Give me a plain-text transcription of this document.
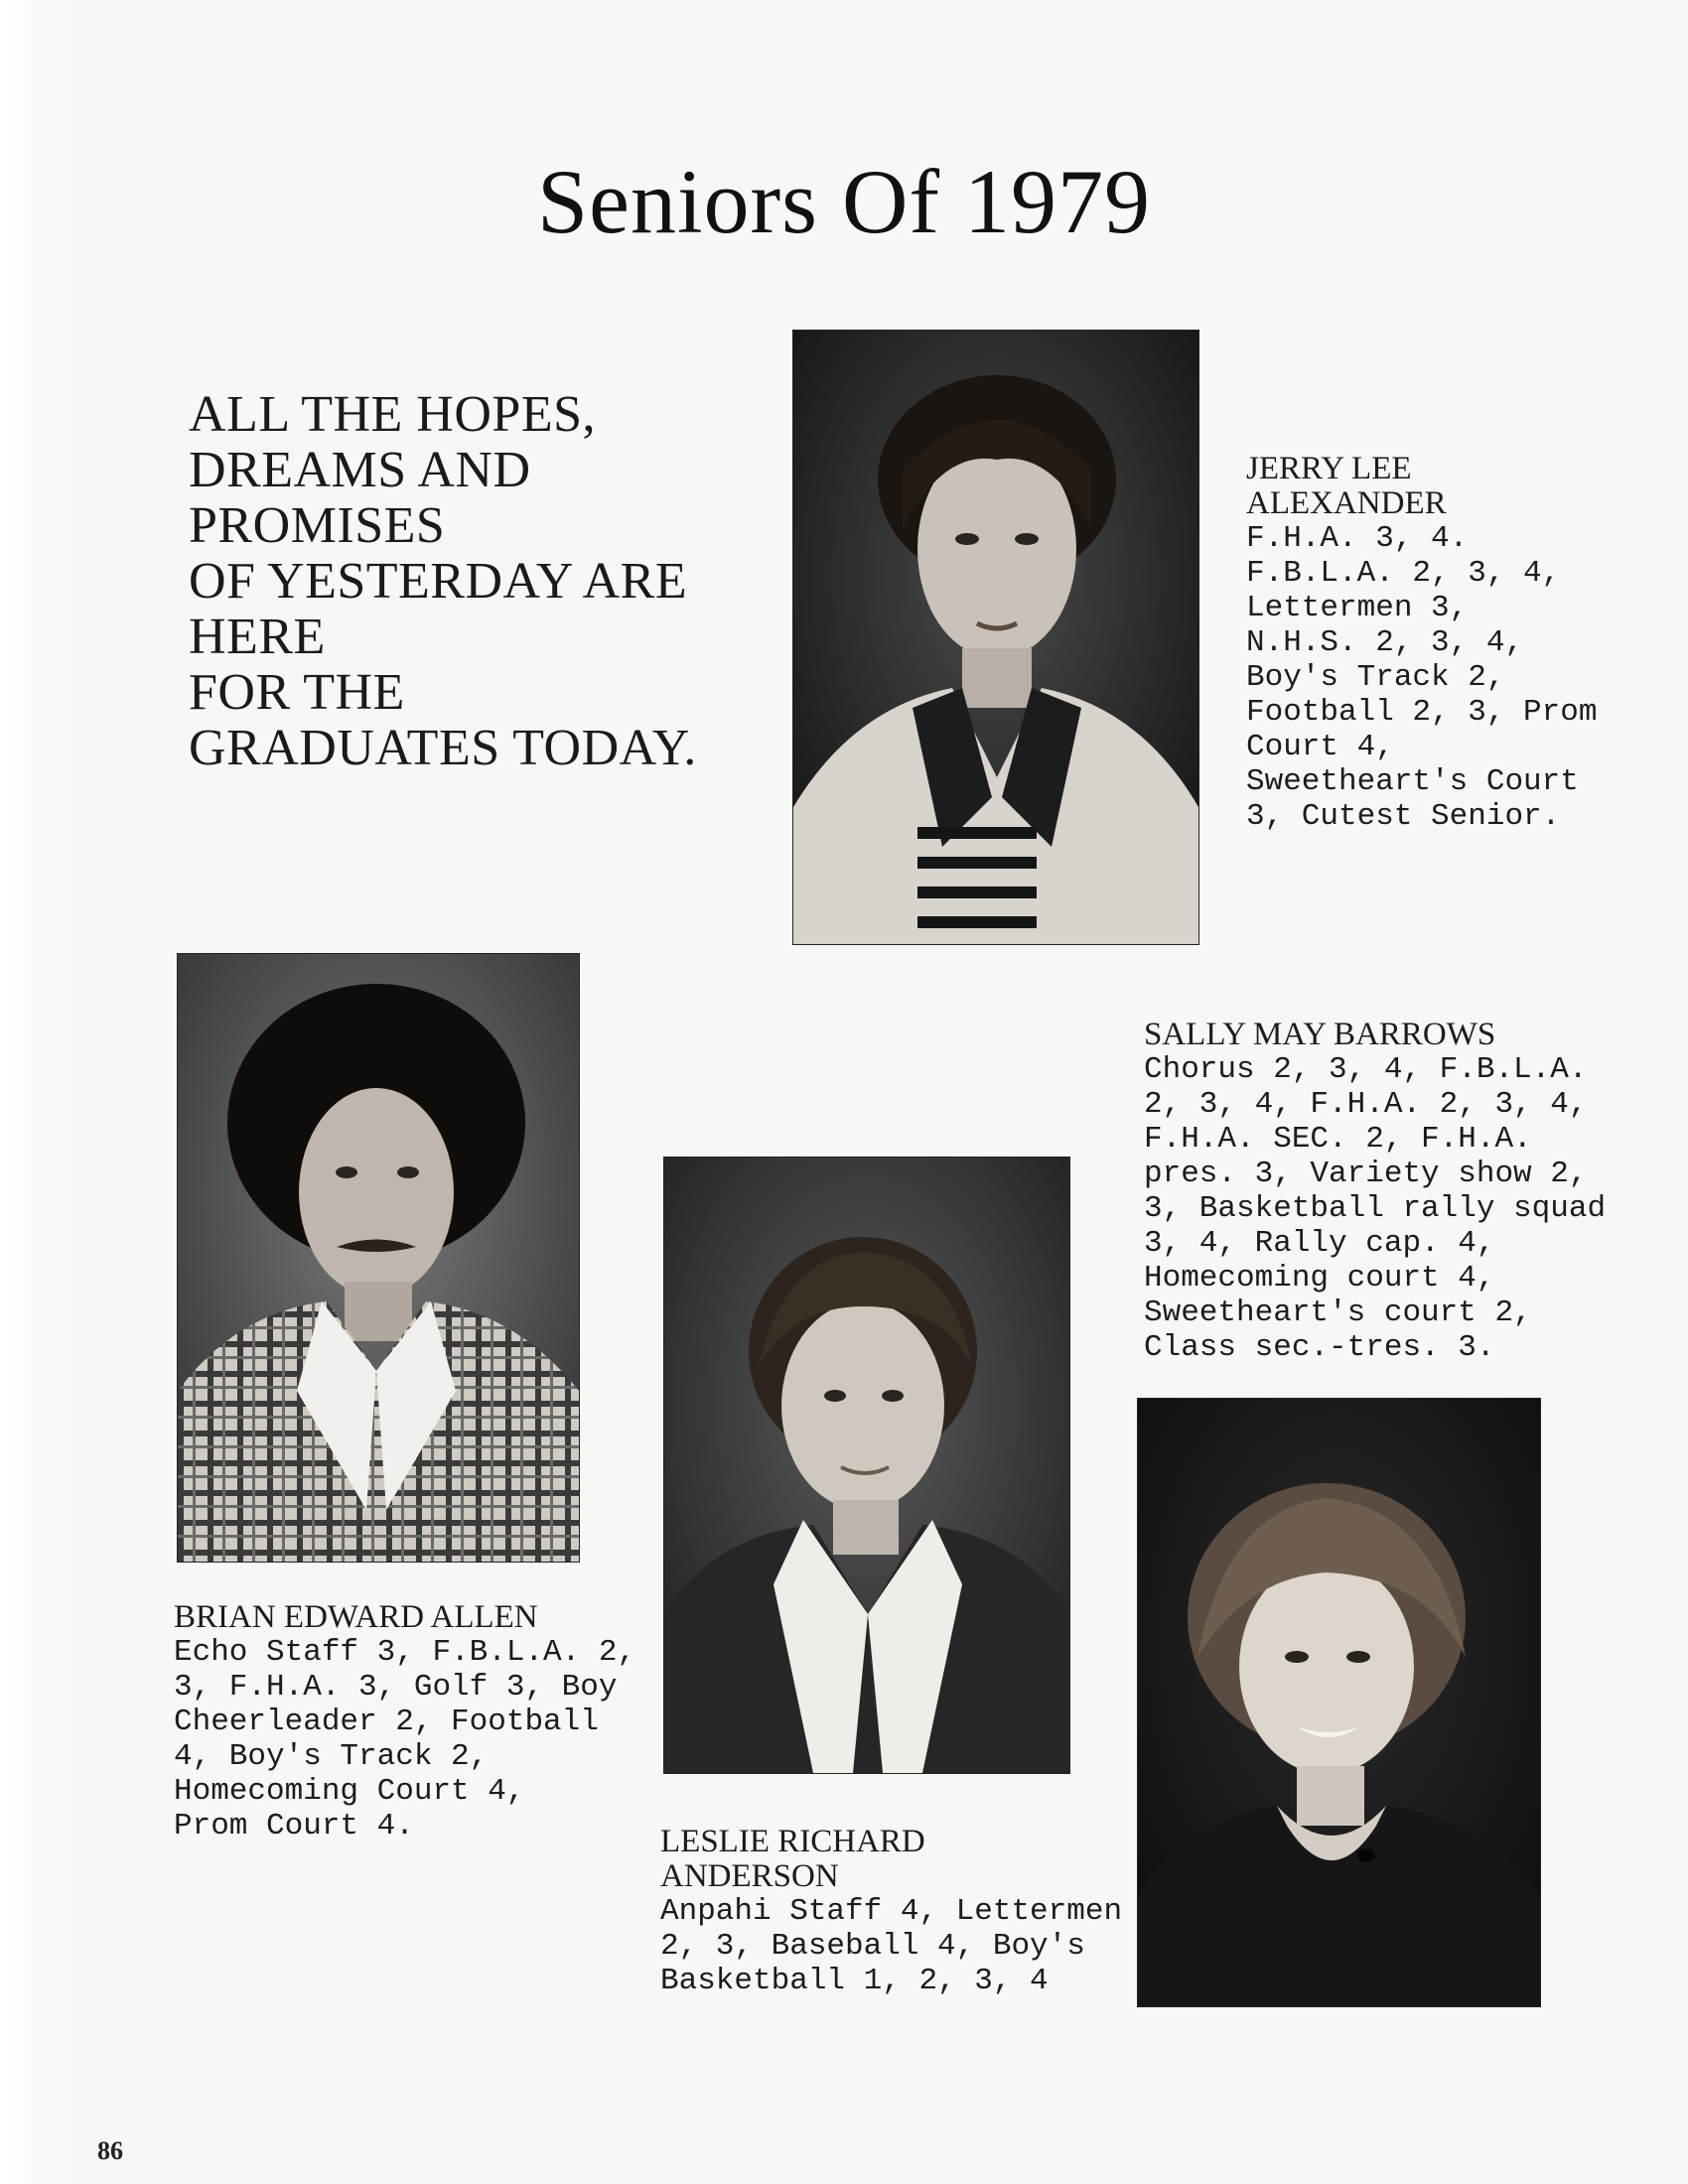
Seniors Of 1979
ALL THE HOPES,
DREAMS AND
PROMISES
OF YESTERDAY ARE
HERE
FOR THE
GRADUATES TODAY.
JERRY LEE
ALEXANDER
F.H.A. 3, 4.
F.B.L.A. 2, 3, 4,
Lettermen 3,
N.H.S. 2, 3, 4,
Boy's Track 2,
Football 2, 3, Prom
Court 4,
Sweetheart's Court
3, Cutest Senior.
BRIAN EDWARD ALLEN
Echo Staff 3, F.B.L.A. 2,
3, F.H.A. 3, Golf 3, Boy
Cheerleader 2, Football
4, Boy's Track 2,
Homecoming Court 4,
Prom Court 4.	LESLIE RICHARD
ANDERSON
Anpahi Staff 4, Lettermen
2, 3, Baseball 4, Boy's
Basketball 1, 2, 3, 4
SALLY MAY BARROWS
Chorus 2, 3, 4, F.B.L.A.
2, 3, 4, F.H.A. 2, 3, 4,
F.H.A. SEC. 2, F.H.A.
pres. 3, Variety show 2,
3, Basketball rally squad
3, 4, Rally cap. 4,
Homecoming court 4,
Sweetheart's court 2,
Class sec.-tres. 3.
86
